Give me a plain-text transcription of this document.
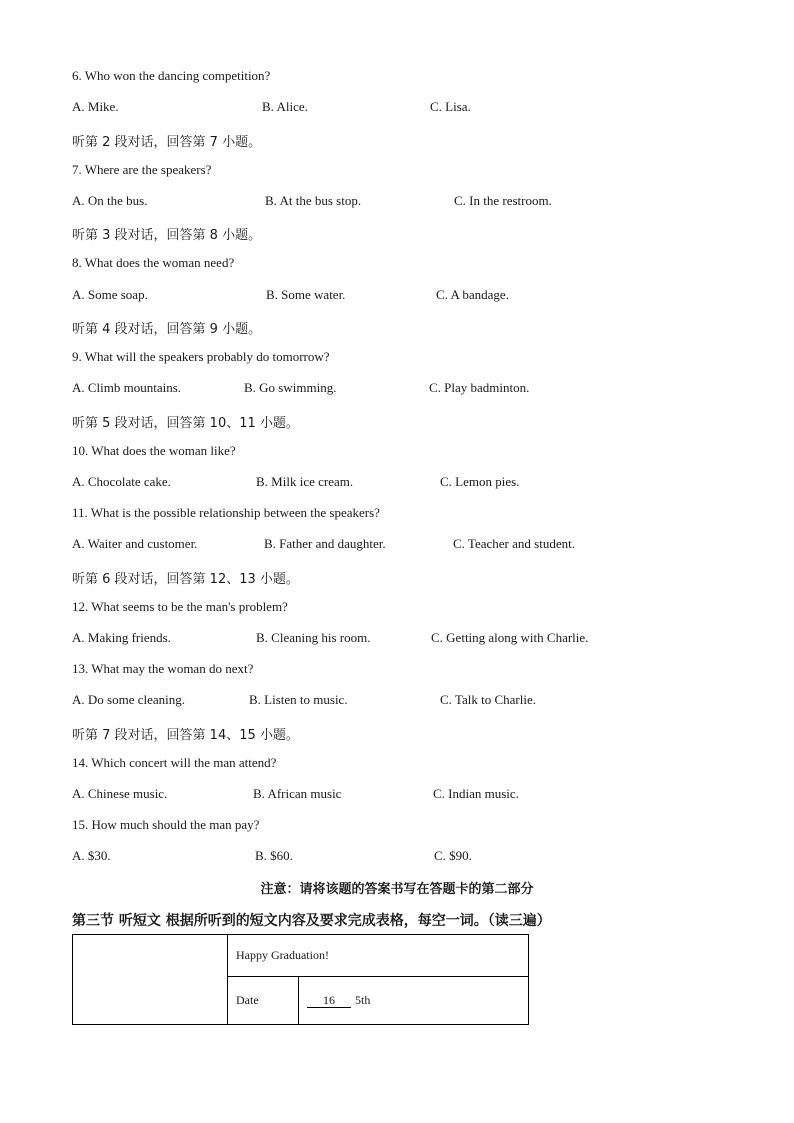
6. Who won the dancing competition?
A. Mike.	B. Alice.	C. Lisa.
听第 2 段对话，回答第 7 小题。
7. Where are the speakers?
A. On the bus.	B. At the bus stop.	C. In the restroom.
听第 3 段对话，回答第 8 小题。
8. What does the woman need?
A. Some soap.	B. Some water.	C. A bandage.
听第 4 段对话，回答第 9 小题。
9. What will the speakers probably do tomorrow?
A. Climb mountains.	B. Go swimming.	C. Play badminton.
听第 5 段对话，回答第 10、11 小题。
10. What does the woman like?
A. Chocolate cake.	B. Milk ice cream.	C. Lemon pies.
11. What is the possible relationship between the speakers?
A. Waiter and customer.	B. Father and daughter.	C. Teacher and student.
听第 6 段对话，回答第 12、13 小题。
12. What seems to be the man's problem?
A. Making friends.	B. Cleaning his room.	C. Getting along with Charlie.
13. What may the woman do next?
A. Do some cleaning.	B. Listen to music.	C. Talk to Charlie.
听第 7 段对话，回答第 14、15 小题。
14. Which concert will the man attend?
A. Chinese music.	B. African music	C. Indian music.
15. How much should the man pay?
A. $30.	B. $60.	C. $90.
注意：请将该题的答案书写在答题卡的第二部分
第三节 听短文 根据所听到的短文内容及要求完成表格，每空一词。（读三遍）
	Happy Graduation!	
	Date	16 5th
